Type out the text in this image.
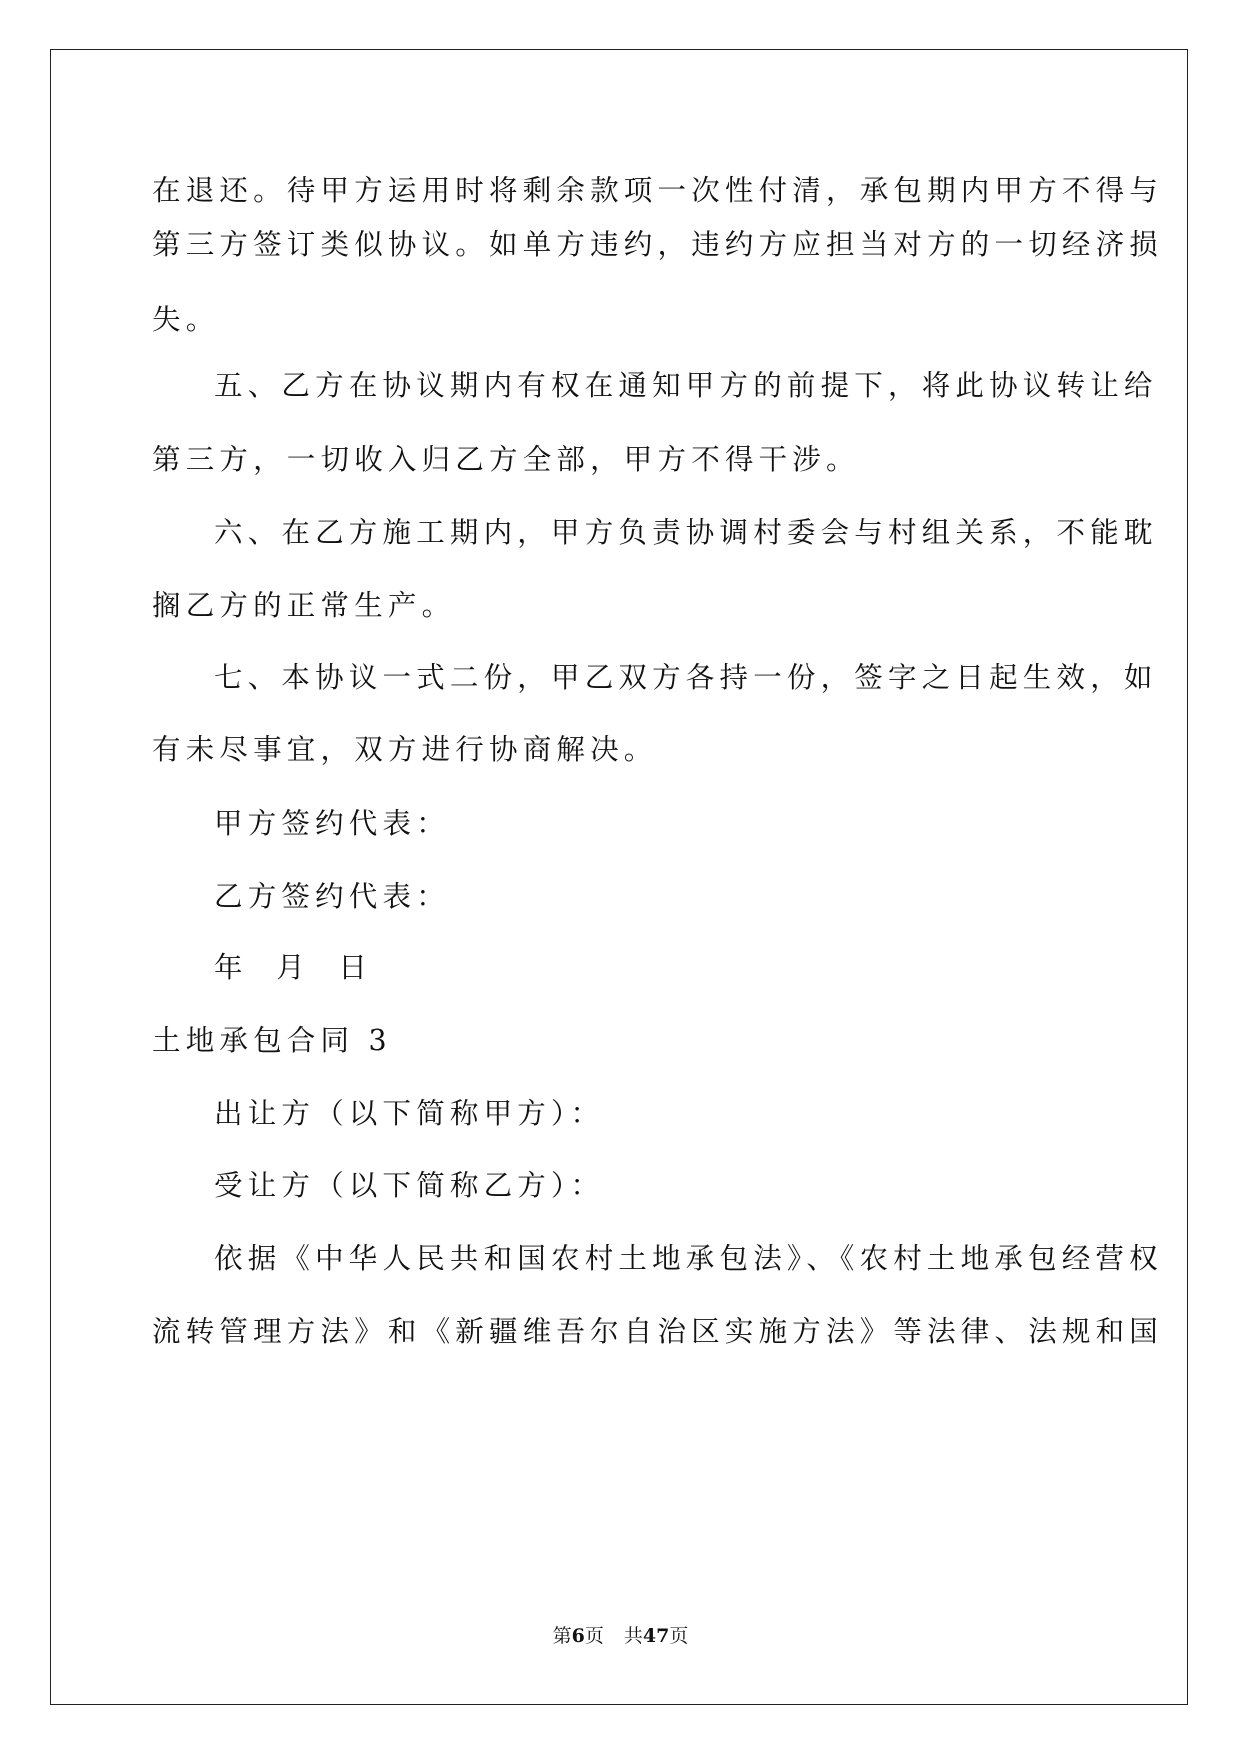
在退还。待甲方运用时将剩余款项一次性付清，承包期内甲方不得与

第三方签订类似协议。如单方违约，违约方应担当对方的一切经济损

失。

五、乙方在协议期内有权在通知甲方的前提下，将此协议转让给

第三方，一切收入归乙方全部，甲方不得干涉。

六、在乙方施工期内，甲方负责协调村委会与村组关系，不能耽

搁乙方的正常生产。

七、本协议一式二份，甲乙双方各持一份，签字之日起生效，如

有未尽事宜，双方进行协商解决。

甲方签约代表：

乙方签约代表：

年  月  日

土地承包合同 3

出让方（以下简称甲方）：

受让方（以下简称乙方）：

依据《中华人民共和国农村土地承包法》、《农村土地承包经营权

流转管理方法》和《新疆维吾尔自治区实施方法》等法律、法规和国

第6页 共47页
